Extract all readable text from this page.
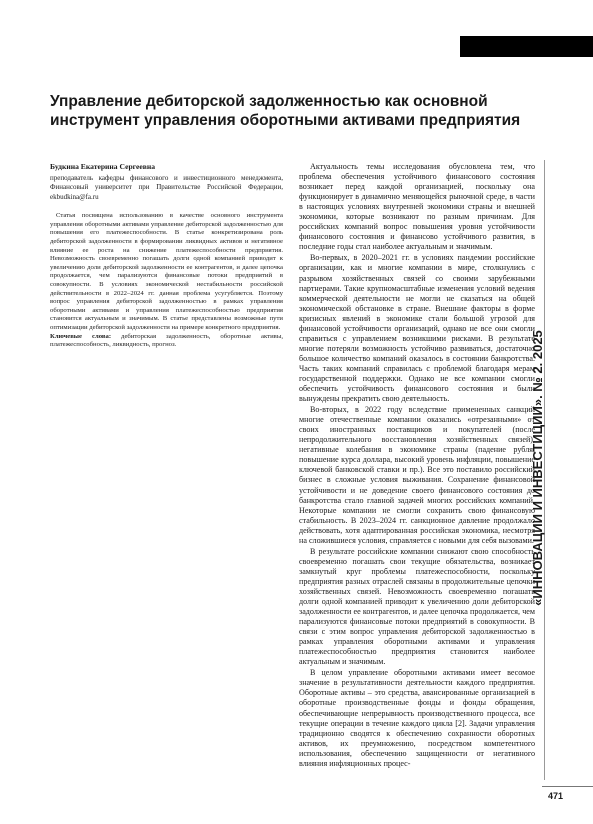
Управление дебиторской задолженностью как основной инструмент управления оборотными активами предприятия

Будкина Екатерина Сергеевна

преподаватель кафедры финансового и инвестиционного менеджмента, Финансовый университет при Правительстве Российской Федерации, ekbudkina@fa.ru

Статья посвящена использованию в качестве основного инструмента управления оборотными активами управление дебиторской задолженностью для повышения его платежеспособности. В статье конкретизирована роль дебиторской задолженности в формировании ликвидных активов и негативное влияние ее роста на снижение платежеспособности предприятия. Невозможность своевременно погашать долги одной компанией приводит к увеличению доли дебиторской задолженности ее контрагентов, и далее цепочка продолжается, чем парализуются финансовые потоки предприятий в совокупности. В условиях экономической нестабильности российской действительности в 2022–2024 гг. данная проблема усугубляется. Поэтому вопрос управления дебиторской задолженностью в рамках управления оборотными активами и управления платежеспособностью предприятия становится актуальным и значимым. В статье представлены возможные пути оптимизации дебиторской задолженности на примере конкретного предприятия.

Ключевые слова: дебиторская задолженность, оборотные активы, платежеспособность, ликвидность, прогноз.

Актуальность темы исследования обусловлена тем, что проблема обеспечения устойчивого финансового состояния возникает перед каждой организацией, поскольку она функционирует в динамично меняющейся рыночной среде, в части в настоящих условиях внутренней экономики страны и внешней экономики, которые возникают по разным причинам. Для российских компаний вопрос повышения уровня устойчивости финансового состояния и финансово устойчивого развития, в последние годы стал наиболее актуальным и значимым.

Во-первых, в 2020–2021 гг. в условиях пандемии российские организации, как и многие компании в мире, столкнулись с разрывом хозяйственных связей со своими зарубежными партнерами. Такие крупномасштабные изменения условий ведения коммерческой деятельности не могли не сказаться на общей экономической обстановке в стране. Внешние факторы в форме кризисных явлений в экономике стали большой угрозой для финансовой устойчивости организаций, однако не все они смогли справиться с управлением возникшими рисками. В результате многие потеряли возможность устойчиво развиваться, достаточно большое количество компаний оказалось в состоянии банкротства. Часть таких компаний справилась с проблемой благодаря мерам государственной поддержки. Однако не все компании смогли обеспечить устойчивость финансового состояния и были вынуждены прекратить свою деятельность.

Во-вторых, в 2022 году вследствие примененных санкций многие отечественные компании оказались «отрезанными» от своих иностранных поставщиков и покупателей (после непродолжительного восстановления хозяйственных связей), негативные колебания в экономике страны (падение рубля, повышение курса доллара, высокий уровень инфляции, повышение ключевой банковской ставки и пр.). Все это поставило российский бизнес в сложные условия выживания. Сохранение финансовой устойчивости и не доведение своего финансового состояния до банкротства стало главной задачей многих российских компаний. Некоторые компании не смогли сохранить свою финансовую стабильность. В 2023–2024 гг. санкционное давление продолжало действовать, хотя адаптированная российская экономика, несмотря на сложившиеся условия, справляется с новыми для себя вызовами.

В результате российские компании снижают свою способность своевременно погашать свои текущие обязательства, возникает замкнутый круг проблемы платежеспособности, поскольку предприятия разных отраслей связаны в продолжительные цепочки хозяйственных связей. Невозможность своевременно погашать долги одной компанией приводит к увеличению доли дебиторской задолженности ее контрагентов, и далее цепочка продолжается, чем парализуются финансовые потоки предприятий в совокупности. В связи с этим вопрос управления дебиторской задолженностью в рамках управления оборотными активами и управления платежеспособностью предприятия становится наиболее актуальным и значимым.

В целом управление оборотными активами имеет весомое значение в результативности деятельности каждого предприятия. Оборотные активы – это средства, авансированные организацией в оборотные производственные фонды и фонды обращения, обеспечивающие непрерывность производственного процесса, все текущие операции в течение каждого цикла [2]. Задачи управления традиционно сводятся к обеспечению сохранности оборотных активов, их преумножению, посредством компетентного использования, обеспечению защищенности от негативного влияния инфляционных процес-

«ИННОВАЦИИ И ИНВЕСТИЦИИ». № 2. 2025
471
